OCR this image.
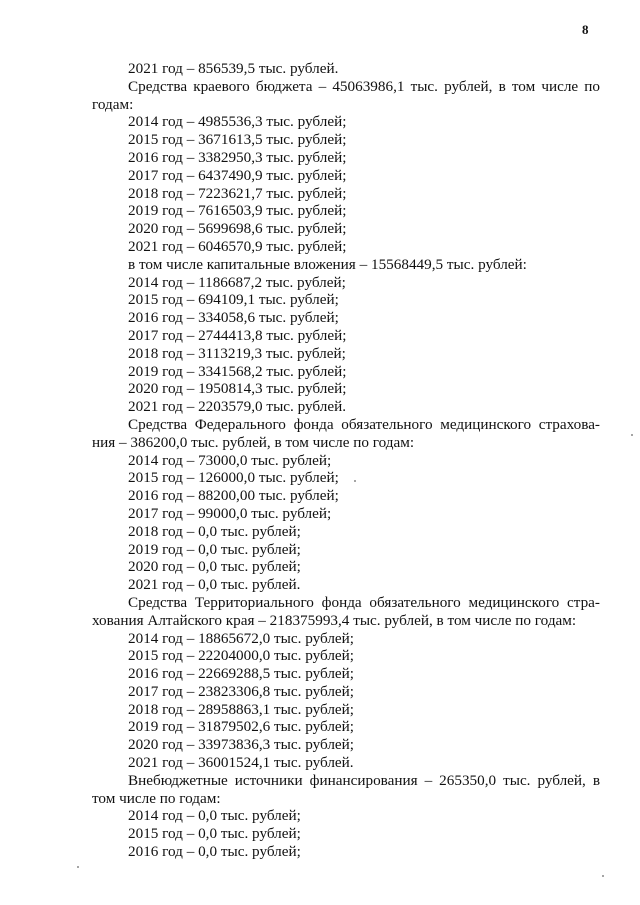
8
2021 год – 856539,5 тыс. рублей.
Средства краевого бюджета – 45063986,1 тыс. рублей, в том числе по
годам:
2014 год – 4985536,3 тыс. рублей;
2015 год – 3671613,5 тыс. рублей;
2016 год – 3382950,3 тыс. рублей;
2017 год – 6437490,9 тыс. рублей;
2018 год – 7223621,7 тыс. рублей;
2019 год – 7616503,9 тыс. рублей;
2020 год – 5699698,6 тыс. рублей;
2021 год – 6046570,9 тыс. рублей;
в том числе капитальные вложения – 15568449,5 тыс. рублей:
2014 год – 1186687,2 тыс. рублей;
2015 год – 694109,1 тыс. рублей;
2016 год – 334058,6 тыс. рублей;
2017 год – 2744413,8 тыс. рублей;
2018 год – 3113219,3 тыс. рублей;
2019 год – 3341568,2 тыс. рублей;
2020 год – 1950814,3 тыс. рублей;
2021 год – 2203579,0 тыс. рублей.
Средства Федерального фонда обязательного медицинского страхова-
ния – 386200,0 тыс. рублей, в том числе по годам:
2014 год – 73000,0 тыс. рублей;
2015 год – 126000,0 тыс. рублей;
2016 год – 88200,00 тыс. рублей;
2017 год – 99000,0 тыс. рублей;
2018 год – 0,0 тыс. рублей;
2019 год – 0,0 тыс. рублей;
2020 год – 0,0 тыс. рублей;
2021 год – 0,0 тыс. рублей.
Средства Территориального фонда обязательного медицинского стра-
хования Алтайского края – 218375993,4 тыс. рублей, в том числе по годам:
2014 год – 18865672,0 тыс. рублей;
2015 год – 22204000,0 тыс. рублей;
2016 год – 22669288,5 тыс. рублей;
2017 год – 23823306,8 тыс. рублей;
2018 год – 28958863,1 тыс. рублей;
2019 год – 31879502,6 тыс. рублей;
2020 год – 33973836,3 тыс. рублей;
2021 год – 36001524,1 тыс. рублей.
Внебюджетные источники финансирования – 265350,0 тыс. рублей, в
том числе по годам:
2014 год – 0,0 тыс. рублей;
2015 год – 0,0 тыс. рублей;
2016 год – 0,0 тыс. рублей;
